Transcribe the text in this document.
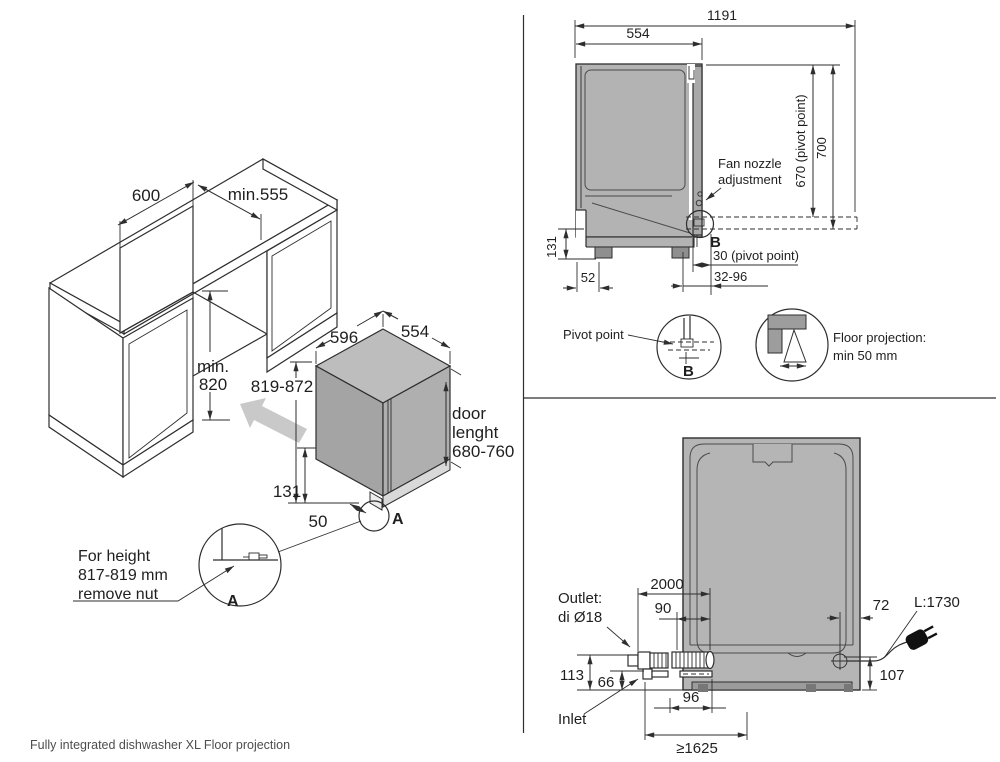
600	min.555
min.
820
596	554
819-872
131
50
door
lenght
680-760
A
A
For height
817-819 mm
remove nut
Fan nozzle
adjustment
B
1191
554
670 (pivot point) 700
131
52
30 (pivot point)
32-96
Pivot point
B
Floor projection:
min 50 mm
L:1730
2000
90	72
113 66	107
96
≥1625
Outlet:
di Ø18
Inlet
Fully integrated dishwasher XL Floor projection
